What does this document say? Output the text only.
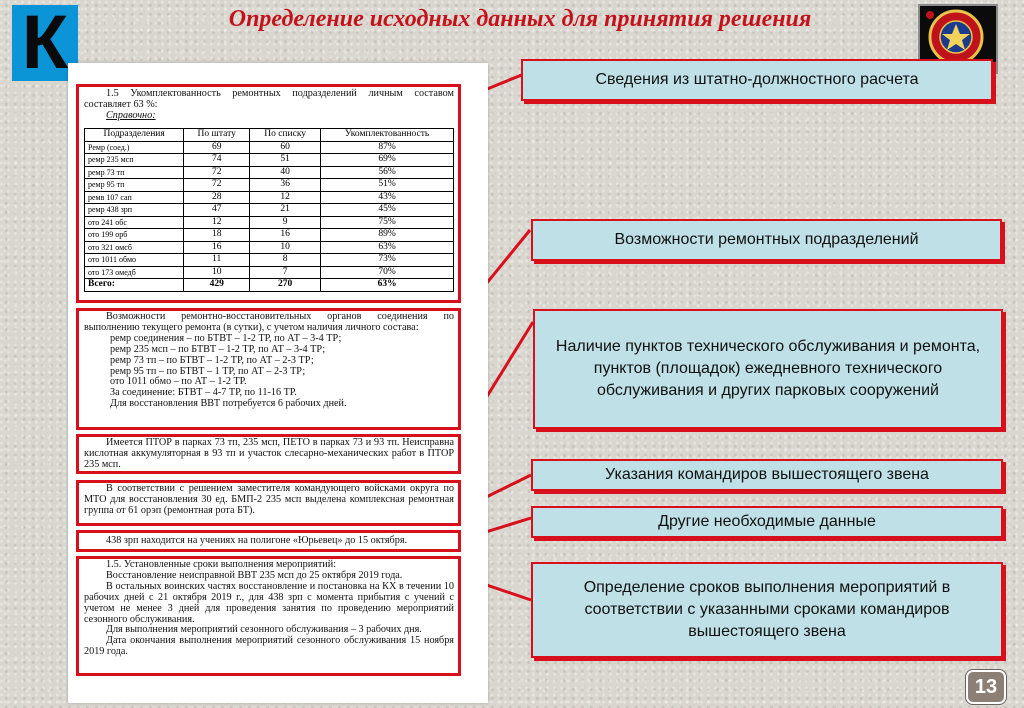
К	Определение исходных данных для принятия решения

1.5 Укомплектованность ремонтных подразделений личным составом составляет 63 %:

Справочно:

Подразделения	По штату	По списку	Укомплектованность
Ремр (соед.)	69	60	87%
ремр 235 мсп	74	51	69%
ремр 73 тп	72	40	56%
ремр 95 тп	72	36	51%
ремв 107 сап	28	12	43%
ремр 438 зрп	47	21	45%
ото 241 обс	12	9	75%
ото 199 орб	18	16	89%
ото 321 омсб	16	10	63%
ото 1011 обмо	11	8	73%
ото 173 омедб	10	7	70%
Всего:	429	270	63%

Возможности ремонтно-восстановительных органов соединения по выполнению текущего ремонта (в сутки), с учетом наличия личного состава:

ремр соединения – по БТВТ – 1-2 ТР, по АТ – 3-4 ТР;

ремр 235 мсп – по БТВТ – 1-2 ТР, по АТ – 3-4 ТР;

ремр 73 тп – по БТВТ – 1-2 ТР, по АТ – 2-3 ТР;

ремр 95 тп – по БТВТ – 1 ТР, по АТ – 2-3 ТР;

ото 1011 обмо – по АТ – 1-2 ТР.

За соединение: БТВТ – 4-7 ТР, по 11-16 ТР.

Для восстановления ВВТ потребуется 6 рабочих дней.

Имеется ПТОР в парках 73 тп, 235 мсп, ПЕТО в парках 73 и 93 тп. Неисправна кислотная аккумуляторная в 93 тп и участок слесарно-механических работ в ПТОР 235 мсп.

В соответствии с решением заместителя командующего войсками округа по МТО для восстановления 30 ед. БМП-2 235 мсп выделена комплексная ремонтная группа от 61 орэп (ремонтная рота БТ).

438 зрп находится на учениях на полигоне «Юрьевец» до 15 октября.

1.5. Установленные сроки выполнения мероприятий:

Восстановление неисправной ВВТ 235 мсп до 25 октября 2019 года.

В остальных воинских частях восстановление и постановка на КХ в течении 10 рабочих дней с 21 октября 2019 г., для 438 зрп с момента прибытия с учений с учетом не менее 3 дней для проведения занятия по проведению мероприятий сезонного обслуживания.

Для выполнения мероприятий сезонного обслуживания – 3 рабочих дня.

Дата окончания выполнения мероприятий сезонного обслуживания 15 ноября 2019 года.

Сведения из штатно-должностного расчета
Возможности ремонтных подразделений
Наличие пунктов технического обслуживания и ремонта, пунктов (площадок) ежедневного технического обслуживания и других парковых сооружений
Указания командиров вышестоящего звена
Другие необходимые данные
Определение сроков выполнения мероприятий в соответствии с указанными сроками командиров вышестоящего звена
13
